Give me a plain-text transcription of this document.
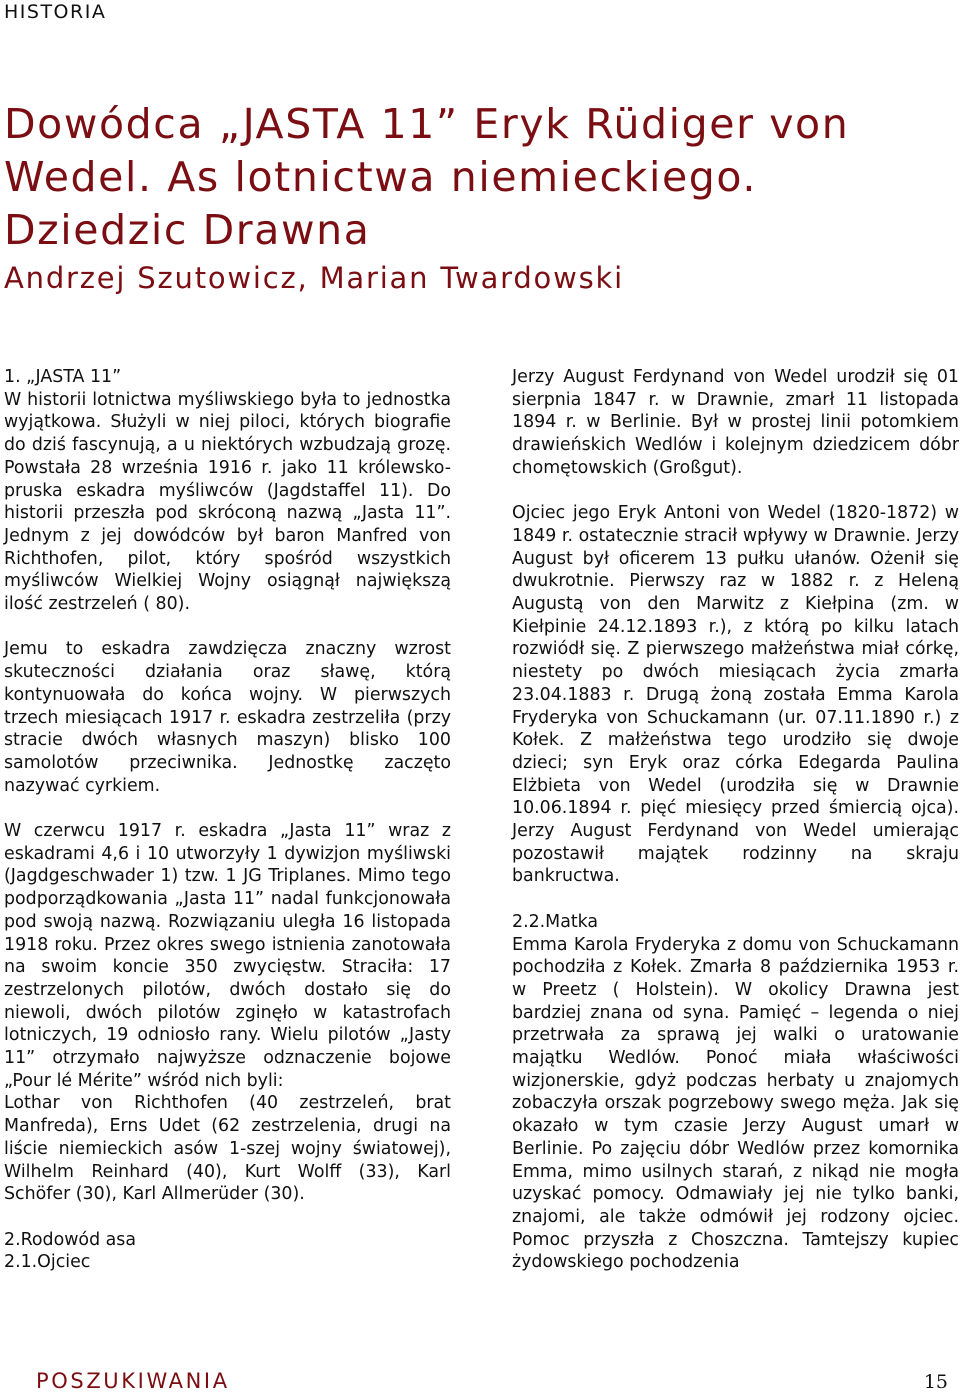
HISTORIA
Dowódca „JASTA 11” Eryk Rüdiger von
Wedel. As lotnictwa niemieckiego.
Dziedzic Drawna
Andrzej Szutowicz, Marian Twardowski

1. „JASTA 11”
W historii lotnictwa myśliwskiego była to jednostka wyjątkowa. Służyli w niej piloci, których biografie do dziś fascynują, a u niektórych wzbudzają grozę. Powstała 28 września 1916 r. jako 11 królewsko-pruska eskadra myśliwców (Jagdstaffel 11). Do historii przeszła pod skróconą nazwą „Jasta 11”. Jednym z jej dowódców był baron Manfred von Richthofen, pilot, który spośród wszystkich myśliwców Wielkiej Wojny osiągnął największą ilość zestrzeleń ( 80).

Jemu to eskadra zawdzięcza znaczny wzrost skuteczności działania oraz sławę, którą kontynuowała do końca wojny. W pierwszych trzech miesiącach 1917 r. eskadra zestrzeliła (przy stracie dwóch własnych maszyn) blisko 100 samolotów przeciwnika. Jednostkę zaczęto nazywać cyrkiem.

W czerwcu 1917 r. eskadra „Jasta 11” wraz z eskadrami 4,6 i 10 utworzyły 1 dywizjon myśliwski (Jagdgeschwader 1) tzw. 1 JG Triplanes. Mimo tego podporządkowania „Jasta 11” nadal funkcjonowała pod swoją nazwą. Rozwiązaniu uległa 16 listopada 1918 roku. Przez okres swego istnienia zanotowała na swoim koncie 350 zwycięstw. Straciła: 17 zestrzelonych pilotów, dwóch dostało się do niewoli, dwóch pilotów zginęło w katastrofach lotniczych, 19 odniosło rany. Wielu pilotów „Jasty 11” otrzymało najwyższe odznaczenie bojowe „Pour lé Mérite” wśród nich byli:
Lothar von Richthofen (40 zestrzeleń, brat Manfreda), Erns Udet (62 zestrzelenia, drugi na liście niemieckich asów 1-szej wojny światowej), Wilhelm Reinhard (40), Kurt Wolff (33), Karl Schöfer (30), Karl Allmerüder (30).

2.Rodowód asa

2.1.Ojciec

Jerzy August Ferdynand von Wedel urodził się 01 sierpnia 1847 r. w Drawnie, zmarł 11 listopada 1894 r. w Berlinie. Był w prostej linii potomkiem drawieńskich Wedlów i kolejnym dziedzicem dóbr chomętowskich (Großgut).

Ojciec jego Eryk Antoni von Wedel (1820-1872) w 1849 r. ostatecznie stracił wpływy w Drawnie. Jerzy August był oficerem 13 pułku ułanów. Ożenił się dwukrotnie. Pierwszy raz w 1882 r. z Heleną Augustą von den Marwitz z Kiełpina (zm. w Kiełpinie 24.12.1893 r.), z którą po kilku latach rozwiódł się. Z pierwszego małżeństwa miał córkę, niestety po dwóch miesiącach życia zmarła 23.04.1883 r. Drugą żoną została Emma Karola Fryderyka von Schuckamann (ur. 07.11.1890 r.) z Kołek. Z małżeństwa tego urodziło się dwoje dzieci; syn Eryk oraz córka Edegarda Paulina Elżbieta von Wedel (urodziła się w Drawnie 10.06.1894 r. pięć miesięcy przed śmiercią ojca). Jerzy August Ferdynand von Wedel umierając pozostawił majątek rodzinny na skraju bankructwa.

2.2.Matka
Emma Karola Fryderyka z domu von Schuckamann pochodziła z Kołek. Zmarła 8 października 1953 r. w Preetz ( Holstein). W okolicy Drawna jest bardziej znana od syna. Pamięć – legenda o niej przetrwała za sprawą jej walki o uratowanie majątku Wedlów. Ponoć miała właściwości wizjonerskie, gdyż podczas herbaty u znajomych zobaczyła orszak pogrzebowy swego męża. Jak się okazało w tym czasie Jerzy August umarł w Berlinie. Po zajęciu dóbr Wedlów przez komornika Emma, mimo usilnych starań, z nikąd nie mogła uzyskać pomocy. Odmawiały jej nie tylko banki, znajomi, ale także odmówił jej rodzony ojciec. Pomoc przyszła z Choszczna. Tamtejszy kupiec żydowskiego pochodzenia

POSZUKIWANIA	15
